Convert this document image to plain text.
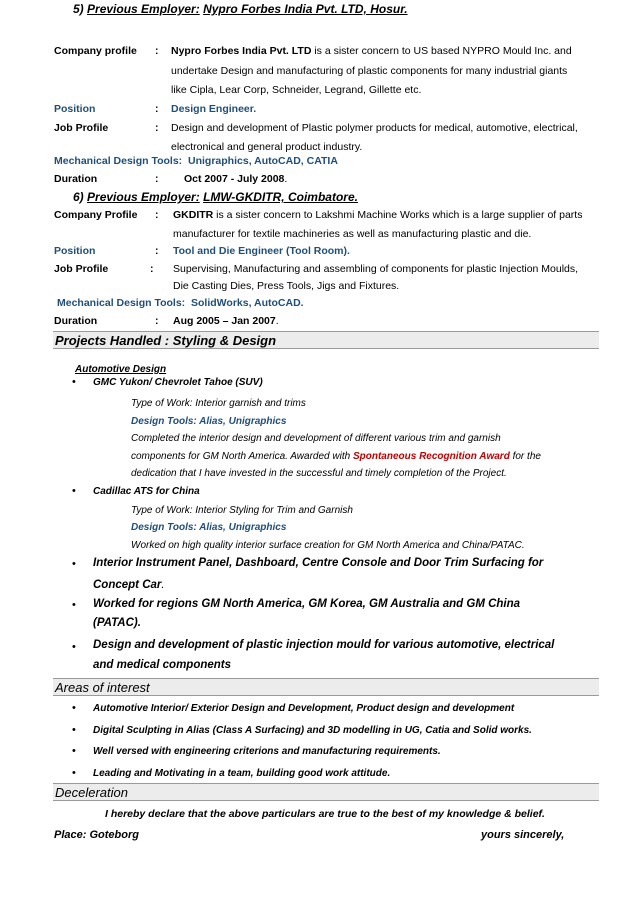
5) Previous Employer: Nypro Forbes India Pvt. LTD, Hosur.
Company profile : Nypro Forbes India Pvt. LTD is a sister concern to US based NYPRO Mould Inc. and
undertake Design and manufacturing of plastic components for many industrial giants
like Cipla, Lear Corp, Schneider, Legrand, Gillette etc.
Position	: Design Engineer.
Job Profile	: Design and development of Plastic polymer products for medical, automotive, electrical,
electronical and general product industry.
Mechanical Design Tools: Unigraphics, AutoCAD, CATIA
Duration	: Oct 2007 - July 2008.
6) Previous Employer: LMW-GKDITR, Coimbatore.
Company Profile : GKDITR is a sister concern to Lakshmi Machine Works which is a large supplier of parts
manufacturer for textile machineries as well as manufacturing plastic and die.
Position	: Tool and Die Engineer (Tool Room).
Job Profile	: Supervising, Manufacturing and assembling of components for plastic Injection Moulds,
Die Casting Dies, Press Tools, Jigs and Fixtures.
Mechanical Design Tools: SolidWorks, AutoCAD.
Duration	: Aug 2005 – Jan 2007.
Projects Handled : Styling & Design
Automotive Design
• GMC Yukon/ Chevrolet Tahoe (SUV)
Type of Work: Interior garnish and trims
Design Tools: Alias, Unigraphics
Completed the interior design and development of different various trim and garnish
components for GM North America. Awarded with Spontaneous Recognition Award for the
dedication that I have invested in the successful and timely completion of the Project.
• Cadillac ATS for China
Type of Work: Interior Styling for Trim and Garnish
Design Tools: Alias, Unigraphics
Worked on high quality interior surface creation for GM North America and China/PATAC.
• Interior Instrument Panel, Dashboard, Centre Console and Door Trim Surfacing for
Concept Car.
• Worked for regions GM North America, GM Korea, GM Australia and GM China
(PATAC).
• Design and development of plastic injection mould for various automotive, electrical
and medical components
Areas of interest
• Automotive Interior/ Exterior Design and Development, Product design and development
• Digital Sculpting in Alias (Class A Surfacing) and 3D modelling in UG, Catia and Solid works.
• Well versed with engineering criterions and manufacturing requirements.
• Leading and Motivating in a team, building good work attitude.
Deceleration
I hereby declare that the above particulars are true to the best of my knowledge & belief.
Place: Goteborg	yours sincerely,
